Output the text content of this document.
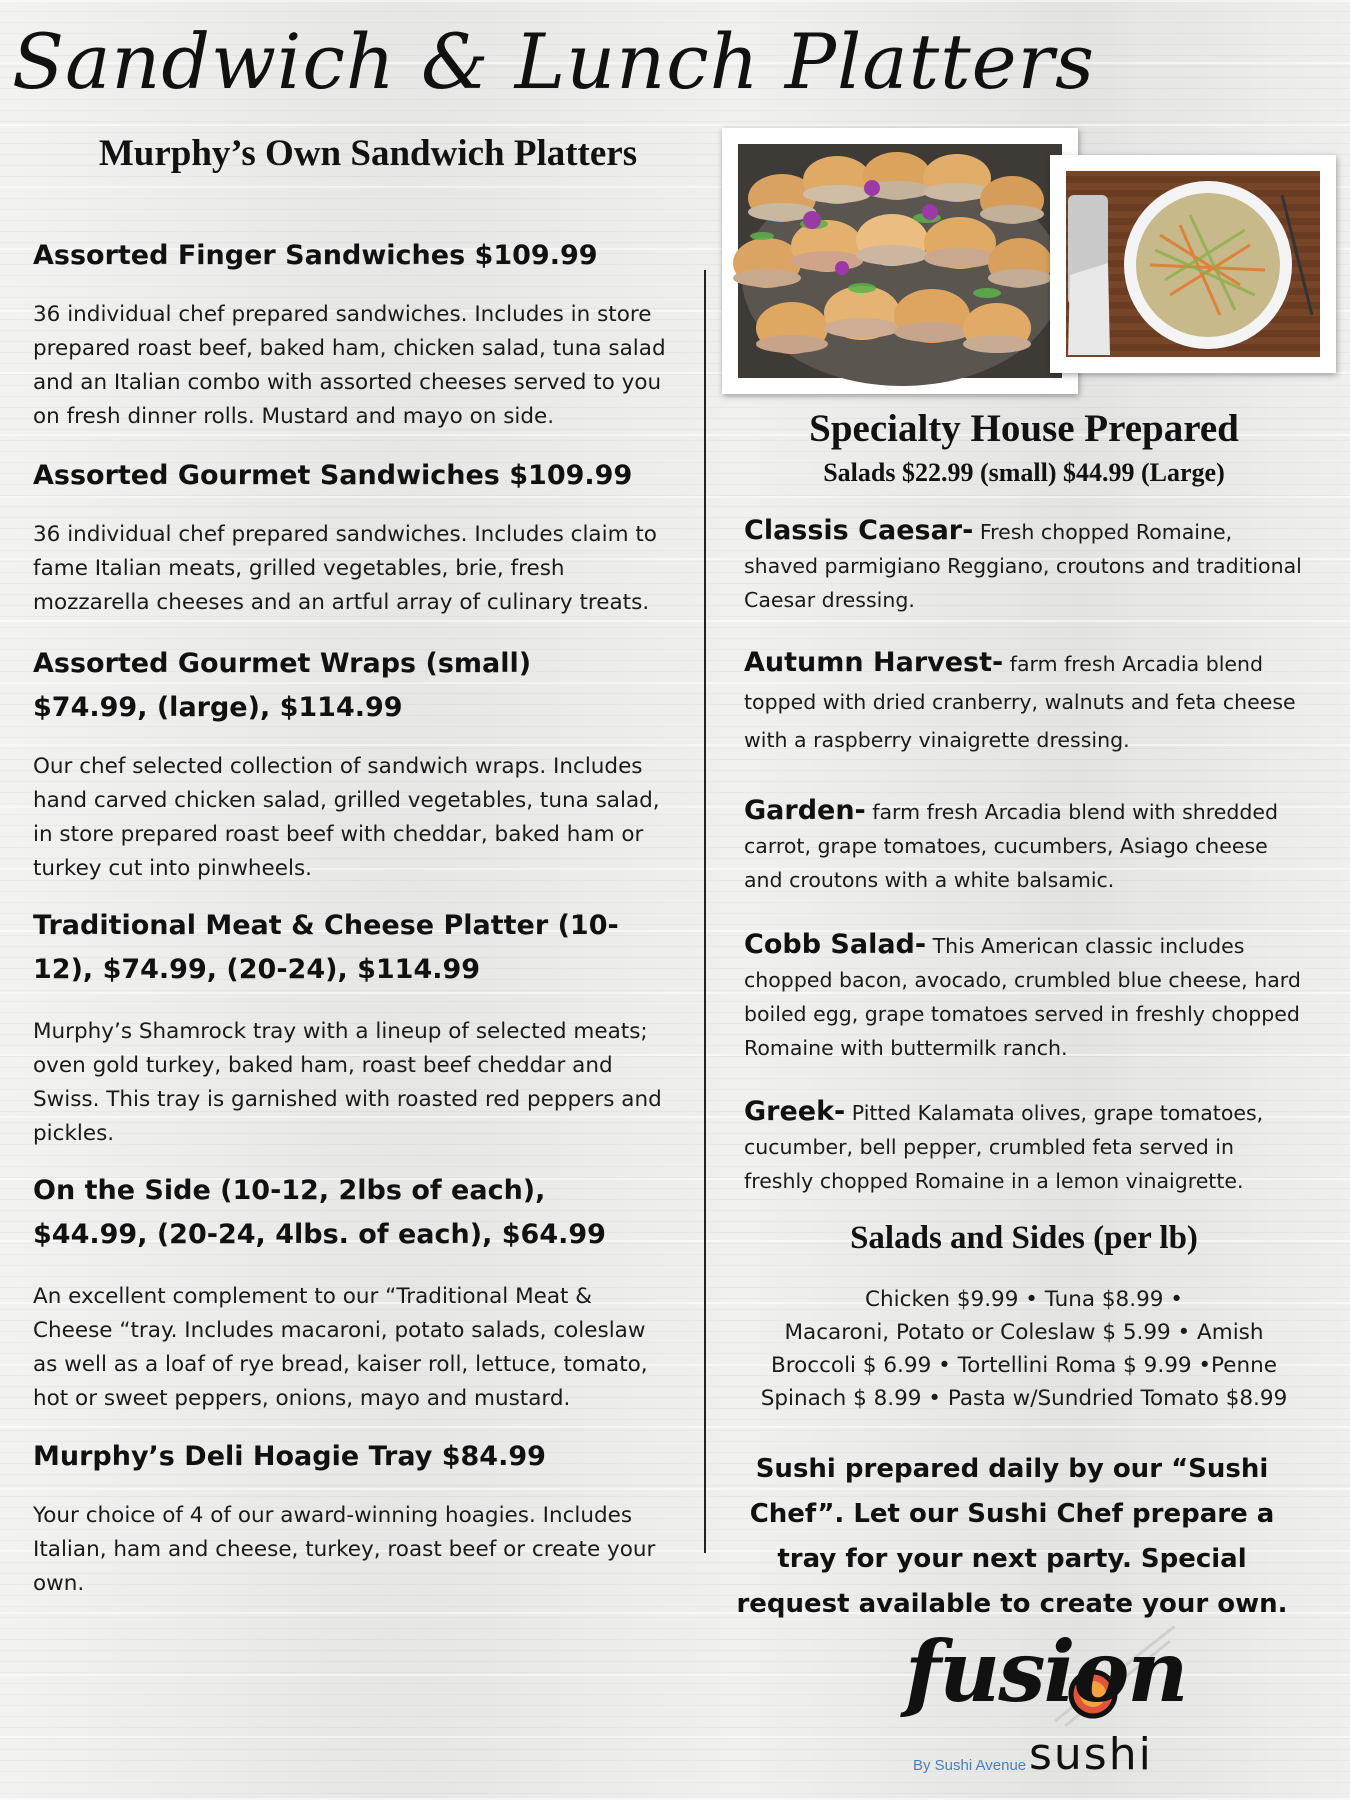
Sandwich & Lunch Platters
Murphy’s Own Sandwich Platters

Assorted Finger Sandwiches $109.99

36 individual chef prepared sandwiches. Includes in store prepared roast beef, baked ham, chicken salad, tuna salad and an Italian combo with assorted cheeses served to you on fresh dinner rolls. Mustard and mayo on side.

Assorted Gourmet Sandwiches $109.99

36 individual chef prepared sandwiches. Includes claim to fame Italian meats, grilled vegetables, brie, fresh mozzarella cheeses and an artful array of culinary treats.

Assorted Gourmet Wraps (small) $74.99, (large), $114.99

Our chef selected collection of sandwich wraps. Includes hand carved chicken salad, grilled vegetables, tuna salad, in store prepared roast beef with cheddar, baked ham or turkey cut into pinwheels.

Traditional Meat & Cheese Platter (10-12), $74.99, (20-24), $114.99

Murphy’s Shamrock tray with a lineup of selected meats; oven gold turkey, baked ham, roast beef cheddar and Swiss. This tray is garnished with roasted red peppers and pickles.

On the Side (10-12, 2lbs of each), $44.99, (20-24, 4lbs. of each), $64.99

An excellent complement to our “Traditional Meat & Cheese “tray. Includes macaroni, potato salads, coleslaw as well as a loaf of rye bread, kaiser roll, lettuce, tomato, hot or sweet peppers, onions, mayo and mustard.

Murphy’s Deli Hoagie Tray $84.99

Your choice of 4 of our award-winning hoagies. Includes Italian, ham and cheese, turkey, roast beef or create your own.

Specialty House Prepared
Salads $22.99 (small) $44.99 (Large)

Classis Caesar- Fresh chopped Romaine, shaved parmigiano Reggiano, croutons and traditional Caesar dressing.

Autumn Harvest- farm fresh Arcadia blend topped with dried cranberry, walnuts and feta cheese with a raspberry vinaigrette dressing.

Garden- farm fresh Arcadia blend with shredded carrot, grape tomatoes, cucumbers, Asiago cheese and croutons with a white balsamic.

Cobb Salad- This American classic includes chopped bacon, avocado, crumbled blue cheese, hard boiled egg, grape tomatoes served in freshly chopped Romaine with buttermilk ranch.

Greek- Pitted Kalamata olives, grape tomatoes, cucumber, bell pepper, crumbled feta served in freshly chopped Romaine in a lemon vinaigrette.

Salads and Sides (per lb)
Chicken $9.99 • Tuna $8.99 •
Macaroni, Potato or Coleslaw $ 5.99 • Amish
Broccoli $ 6.99 • Tortellini Roma $ 9.99 •Penne
Spinach $ 8.99 • Pasta w/Sundried Tomato $8.99

Sushi prepared daily by our “Sushi Chef”. Let our Sushi Chef prepare a tray for your next party. Special request available to create your own.

fusion
sushi
By Sushi Avenue
